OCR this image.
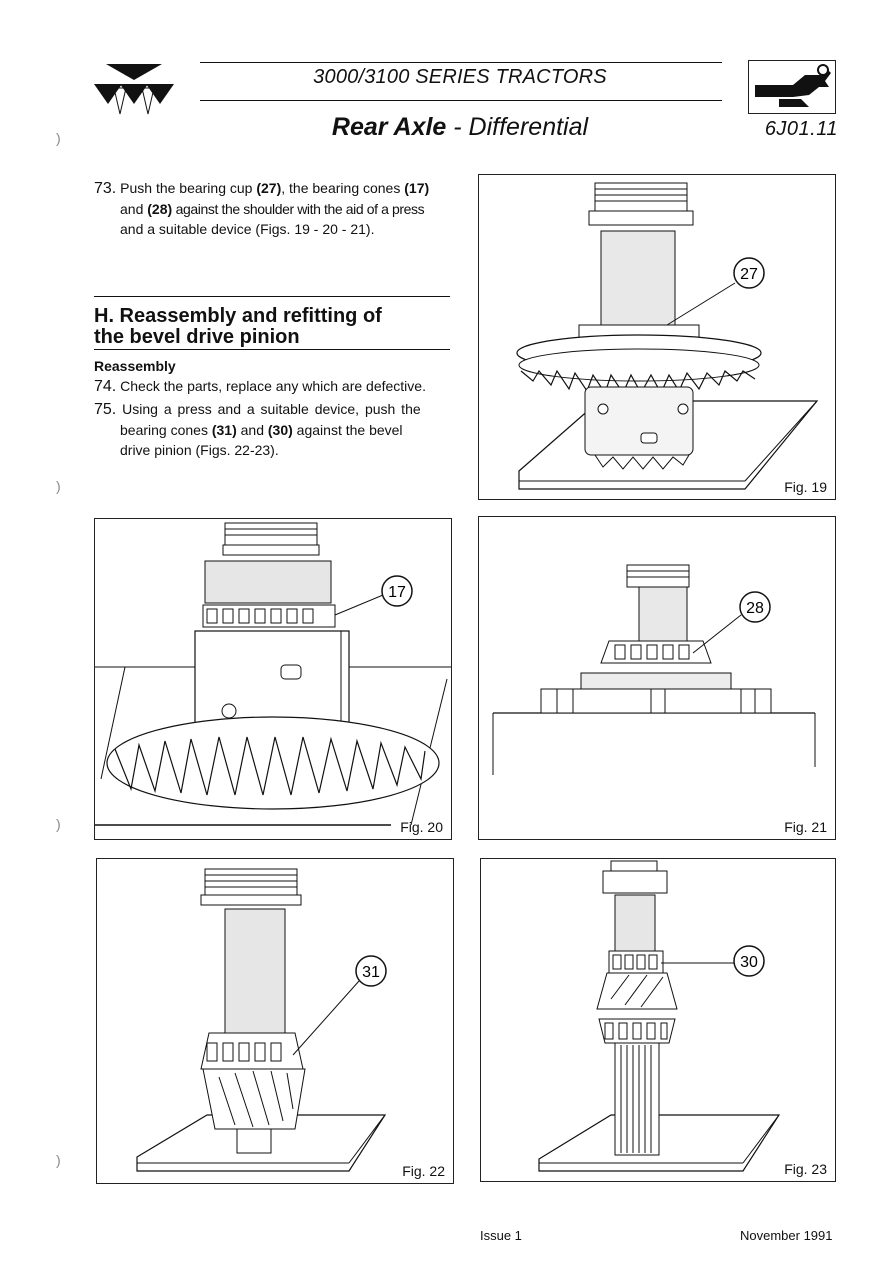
3000/3100 SERIES TRACTORS
Rear Axle - Differential	6J01.11
73. Push the bearing cup (27), the bearing cones (17)
and (28) against the shoulder with the aid of a press
and a suitable device (Figs. 19 - 20 - 21).
H. Reassembly and refitting of
the bevel drive pinion
Reassembly
74. Check the parts, replace any which are defective.
75. Using a press and a suitable device, push the
bearing cones (31) and (30) against the bevel
drive pinion (Figs. 22-23).
27
Fig. 19
17
Fig. 20
28
Fig. 21
31
Fig. 22
30
Fig. 23
Issue 1	November 1991
)
)
)
)
